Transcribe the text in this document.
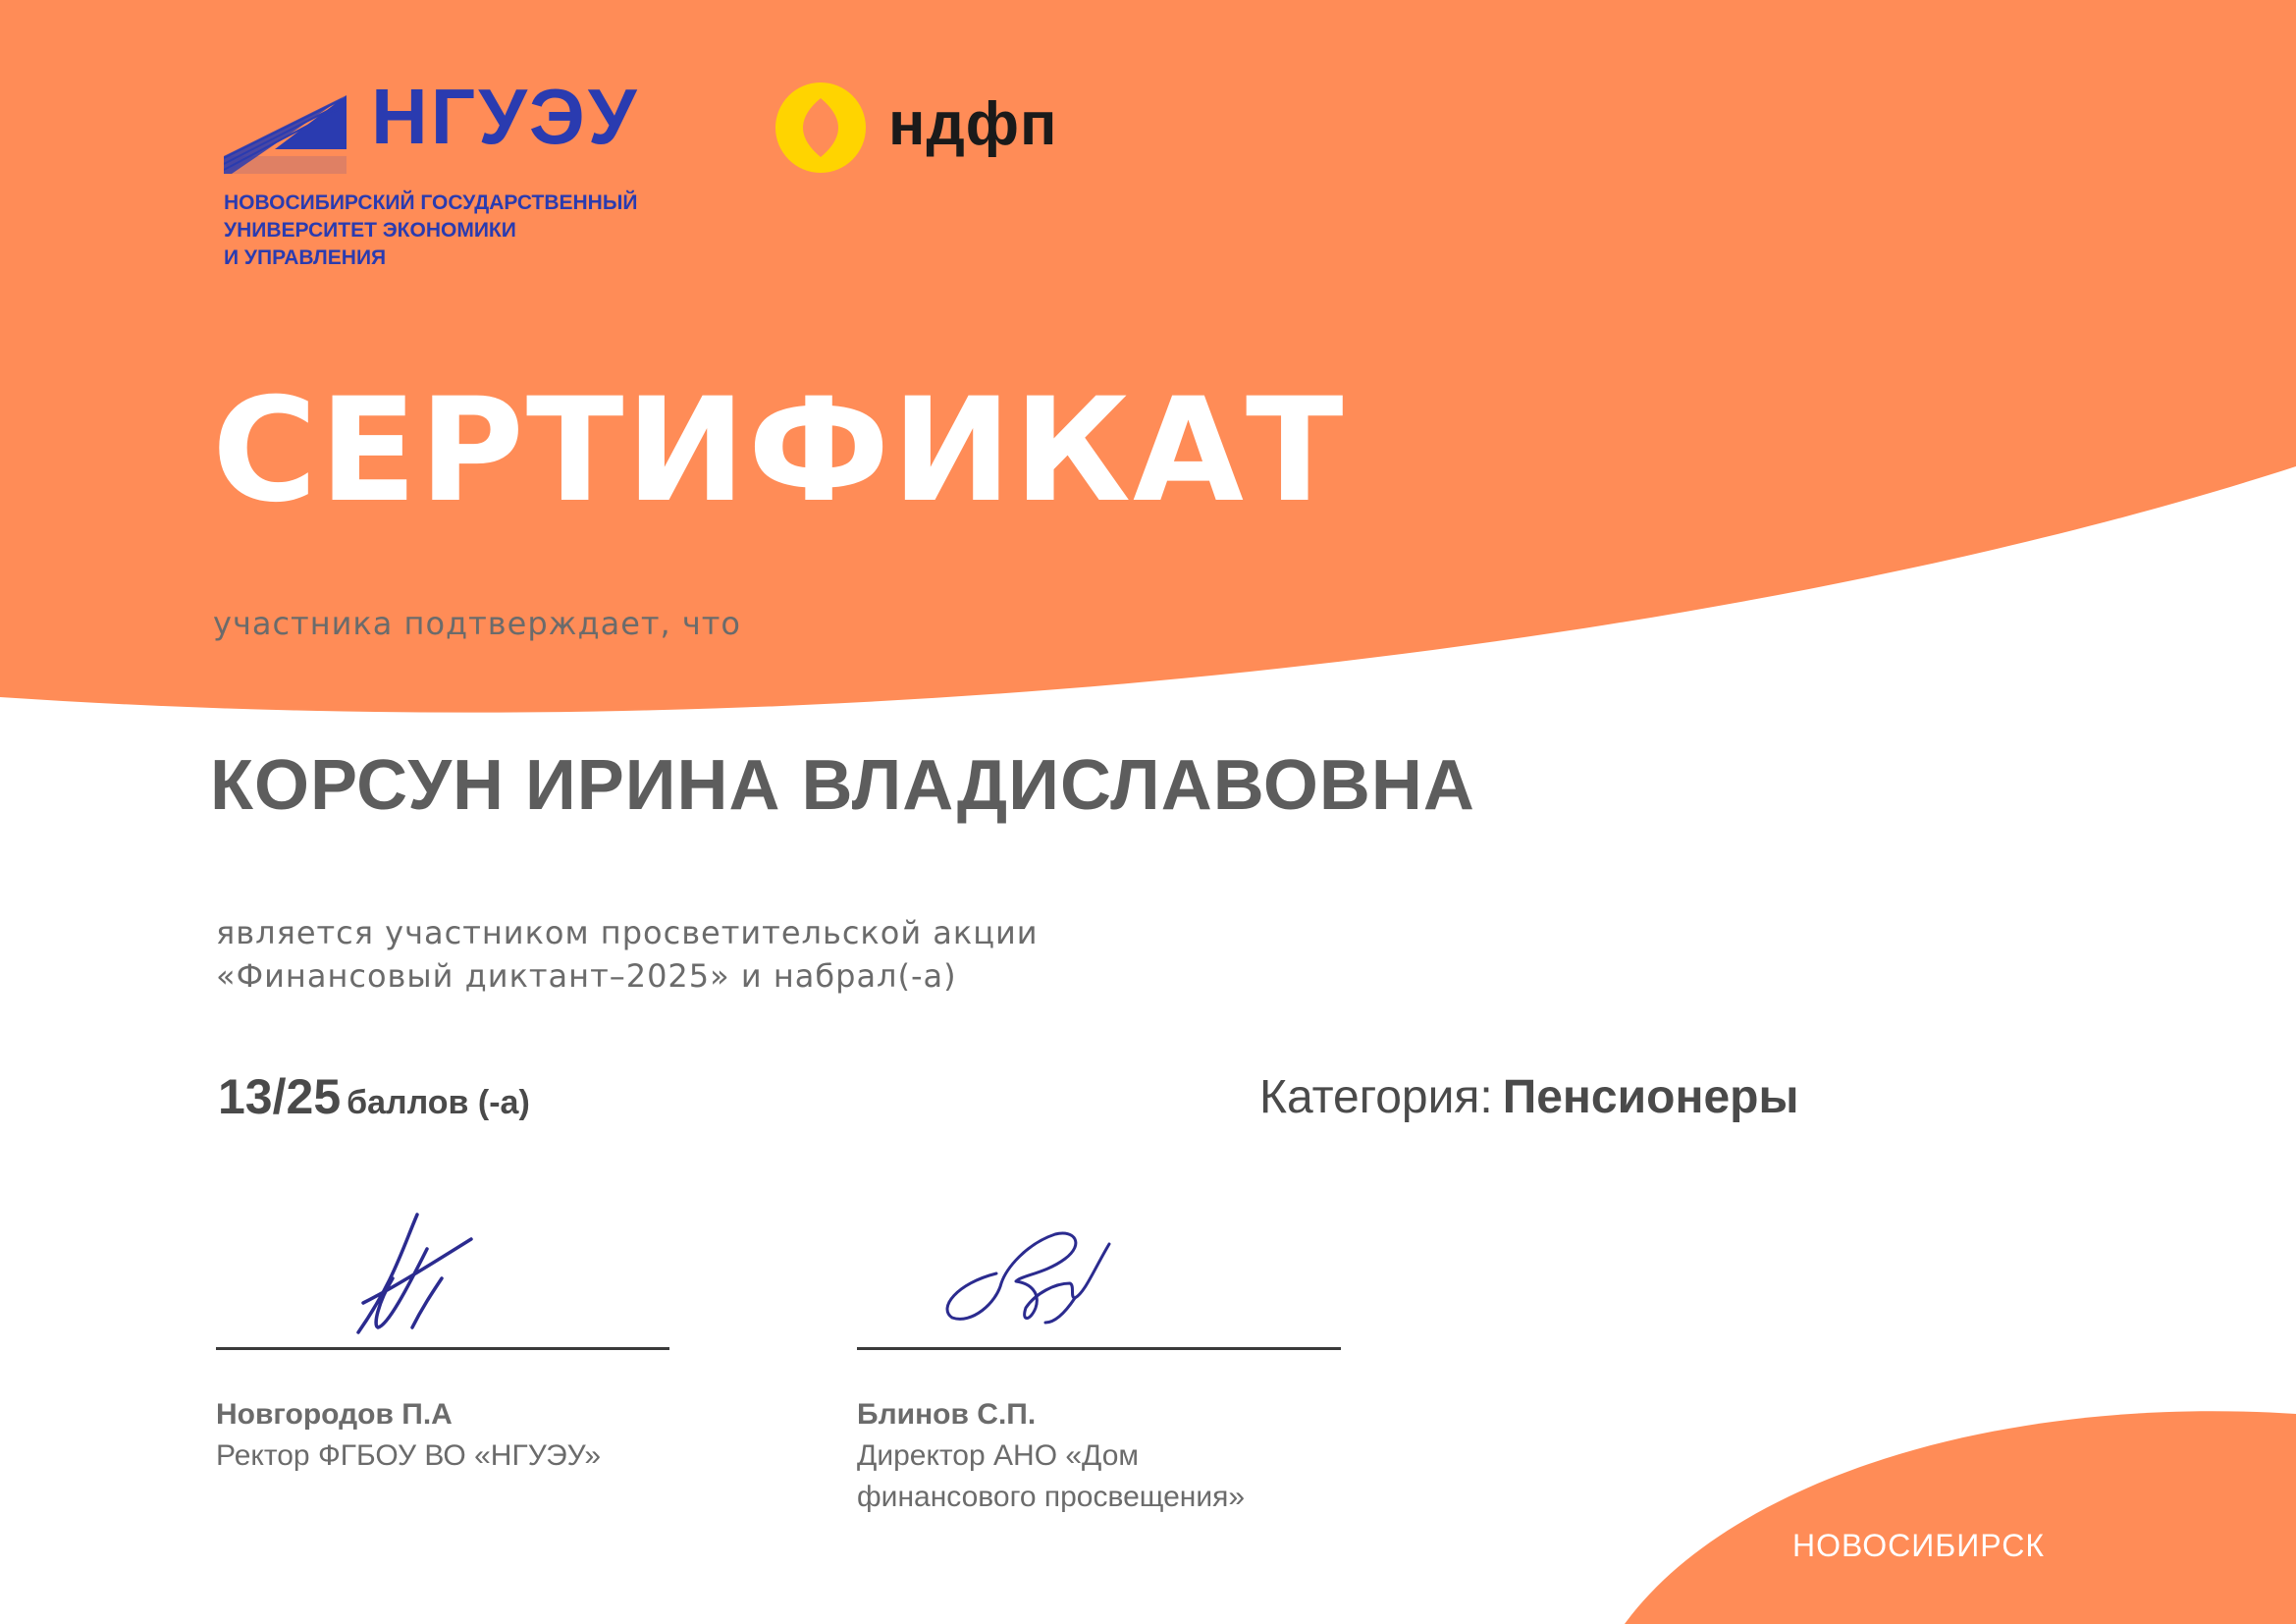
НГУЭУ
НОВОСИБИРСКИЙ ГОСУДАРСТВЕННЫЙ
УНИВЕРСИТЕТ ЭКОНОМИКИ
И УПРАВЛЕНИЯ
ндфп
СЕРТИФИКАТ
участника подтверждает, что
КОРСУН ИРИНА ВЛАДИСЛАВОВНА
является участником просветительской акции
«Финансовый диктант–2025» и набрал(-а)
13/25 баллов (-а)	Категория: Пенсионеры
Новгородов П.А
Ректор ФГБОУ ВО «НГУЭУ»
Блинов С.П.
Директор АНО «Дом
финансового просвещения»
НОВОСИБИРСК
